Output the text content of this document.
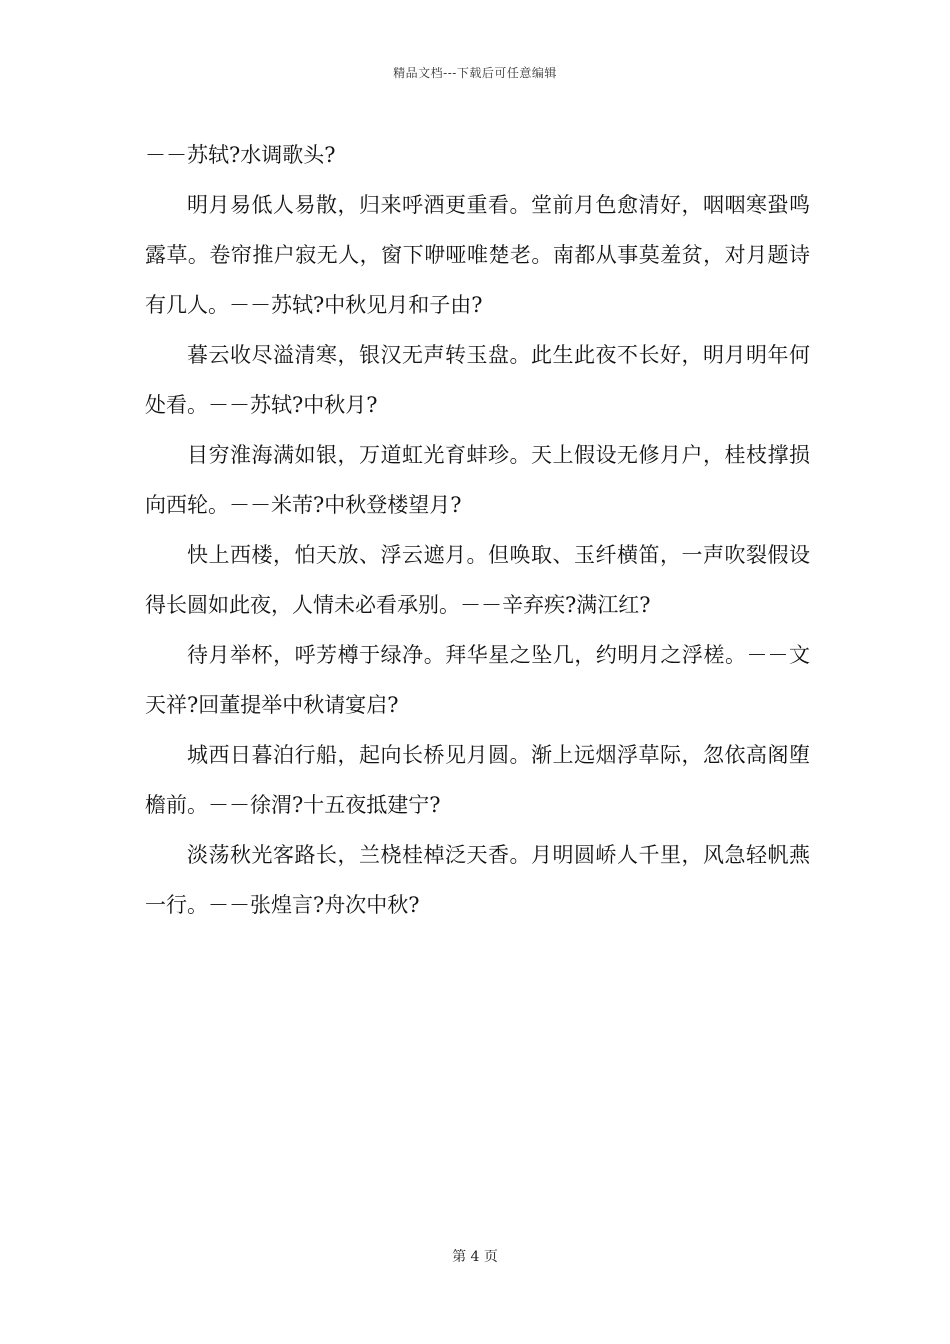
精品文档---下载后可任意编辑

－－苏轼?水调歌头?

明月易低人易散，归来呼酒更重看。堂前月色愈清好，咽咽寒蛩鸣露草。卷帘推户寂无人，窗下咿哑唯楚老。南都从事莫羞贫，对月题诗有几人。－－苏轼?中秋见月和子由?

暮云收尽溢清寒，银汉无声转玉盘。此生此夜不长好，明月明年何处看。－－苏轼?中秋月?

目穷淮海满如银，万道虹光育蚌珍。天上假设无修月户，桂枝撑损向西轮。－－米芾?中秋登楼望月?

快上西楼，怕天放、浮云遮月。但唤取、玉纤横笛，一声吹裂假设得长圆如此夜，人情未必看承别。－－辛弃疾?满江红?

待月举杯，呼芳樽于绿净。拜华星之坠几，约明月之浮槎。－－文天祥?回董提举中秋请宴启?

城西日暮泊行船，起向长桥见月圆。渐上远烟浮草际，忽依高阁堕檐前。－－徐渭?十五夜抵建宁?

淡荡秋光客路长，兰桡桂棹泛天香。月明圆峤人千里，风急轻帆燕一行。－－张煌言?舟次中秋?

第 4 页
